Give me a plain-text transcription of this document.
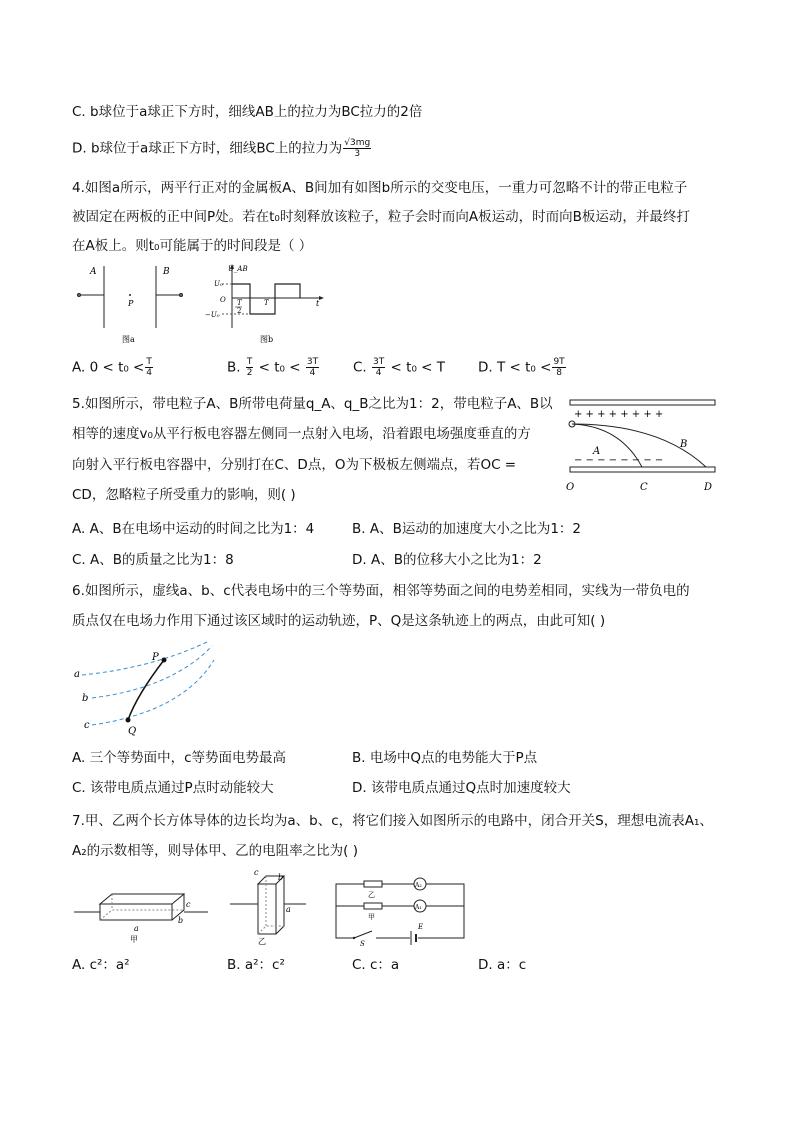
C. b球位于a球正下方时，细线AB上的拉力为BC拉力的2倍
D. b球位于a球正下方时，细线BC上的拉力为 $\frac{√3mg}{3}$
4.如图a所示，两平行正对的金属板A、B间加有如图b所示的交变电压，一重力可忽略不计的带正电粒子
被固定在两板的正中间P处。若在t₀时刻释放该粒子，粒子会时而向A板运动，时而向B板运动，并最终打
在A板上。则t₀可能属于的时间段是（ ）
A	B
P
图a
U_AB
U₀
O
−U₀
T
2
T	t
图b
A. $0 < t_0 < \frac{T}{4}$	B. $\frac{T}{2} < t_0 < \frac{3T}{4}$	C. $\frac{3T}{4} < t_0 < T$ D. $T < t_0 < \frac{9T}{8}$
5.如图所示，带电粒子A、B所带电荷量q_A、q_B之比为1：2，带电粒子A、B以
相等的速度v₀从平行板电容器左侧同一点射入电场，沿着跟电场强度垂直的方
向射入平行板电容器中，分别打在C、D点，O为下极板左侧端点，若OC =
CD，忽略粒子所受重力的影响，则( )
+ + + + + + + +
− − − − − − − −
A
B
O	C	D
A. A、B在电场中运动的时间之比为1：4	B. A、B运动的加速度大小之比为1：2
C. A、B的质量之比为1：8	D. A、B的位移大小之比为1：2
6.如图所示，虚线a、b、c代表电场中的三个等势面，相邻等势面之间的电势差相同，实线为一带负电的
质点仅在电场力作用下通过该区域时的运动轨迹，P、Q是这条轨迹上的两点，由此可知( )
a
b
c
P
Q
A. 三个等势面中，c等势面电势最高	B. 电场中Q点的电势能大于P点
C. 该带电质点通过P点时动能较大	D. 该带电质点通过Q点时加速度较大
7.甲、乙两个长方体导体的边长均为a、b、c，将它们接入如图所示的电路中，闭合开关S，理想电流表A₁、
A₂的示数相等，则导体甲、乙的电阻率之比为( )
c
b
a
甲
c
b
a
乙
A₂
A₁
乙
甲
S
E
A. c²：a²	B. a²：c²	C. c：a	D. a：c
